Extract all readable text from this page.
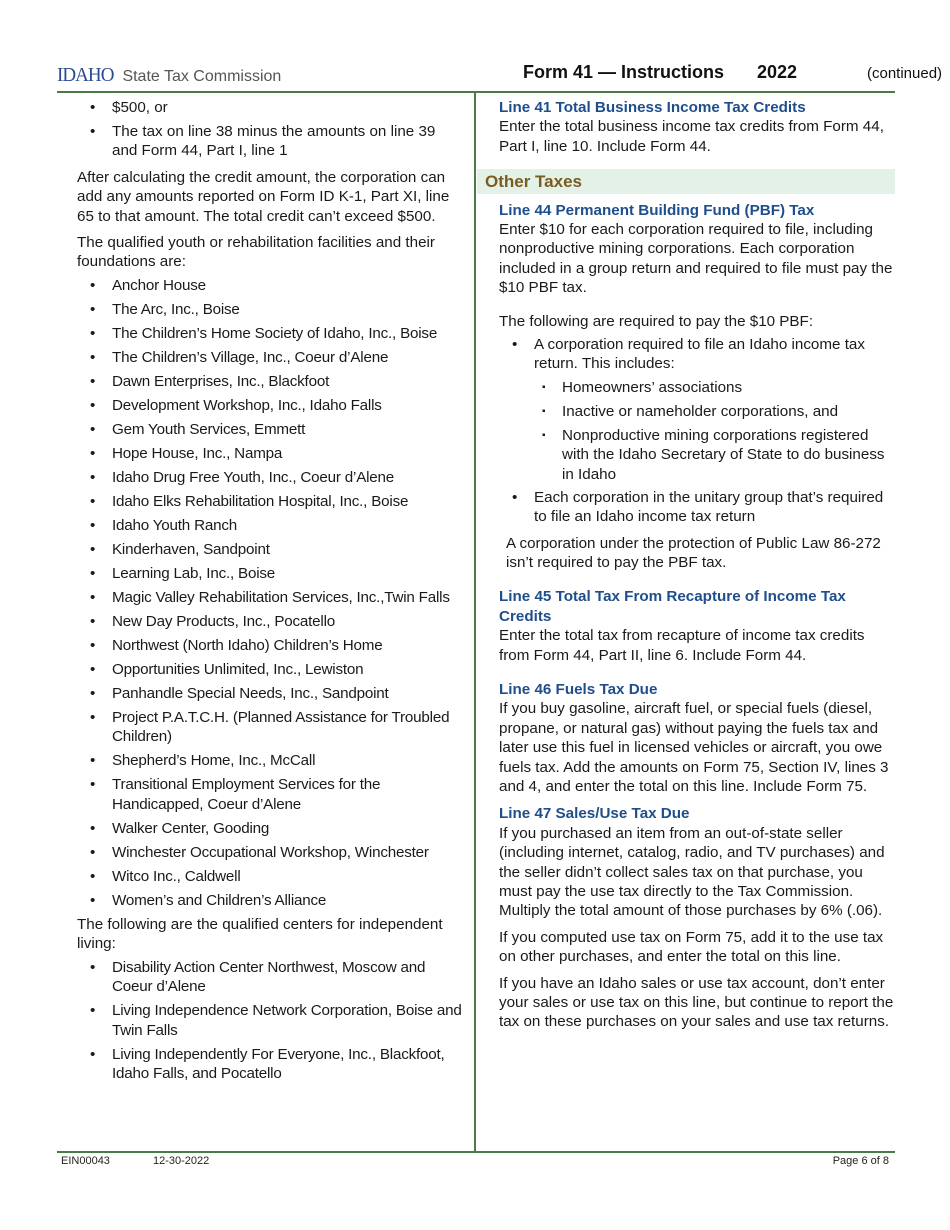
IDAHO State Tax Commission	Form 41 — Instructions 2022	(continued)
• $500, or
• The tax on line 38 minus the amounts on line 39 and Form 44, Part I, line 1

After calculating the credit amount, the corporation can add any amounts reported on Form ID K-1, Part XI, line 65 to that amount. The total credit can’t exceed $500.

The qualified youth or rehabilitation facilities and their foundations are:

• Anchor House
• The Arc, Inc., Boise
• The Children’s Home Society of Idaho, Inc., Boise
• The Children’s Village, Inc., Coeur d’Alene
• Dawn Enterprises, Inc., Blackfoot
• Development Workshop, Inc., Idaho Falls
• Gem Youth Services, Emmett
• Hope House, Inc., Nampa
• Idaho Drug Free Youth, Inc., Coeur d’Alene
• Idaho Elks Rehabilitation Hospital, Inc., Boise
• Idaho Youth Ranch
• Kinderhaven, Sandpoint
• Learning Lab, Inc., Boise
• Magic Valley Rehabilitation Services, Inc.,Twin Falls
• New Day Products, Inc., Pocatello
• Northwest (North Idaho) Children’s Home
• Opportunities Unlimited, Inc., Lewiston
• Panhandle Special Needs, Inc., Sandpoint
• Project P.A.T.C.H. (Planned Assistance for Troubled Children)
• Shepherd’s Home, Inc., McCall
• Transitional Employment Services for the Handicapped, Coeur d’Alene
• Walker Center, Gooding
• Winchester Occupational Workshop, Winchester
• Witco Inc., Caldwell
• Women’s and Children’s Alliance

The following are the qualified centers for independent living:

• Disability Action Center Northwest, Moscow and Coeur d’Alene
• Living Independence Network Corporation, Boise and Twin Falls
• Living Independently For Everyone, Inc., Blackfoot, Idaho Falls, and Pocatello

Line 41 Total Business Income Tax Credits

Enter the total business income tax credits from Form 44, Part I, line 10. Include Form 44.

Other Taxes

Line 44 Permanent Building Fund (PBF) Tax

Enter $10 for each corporation required to file, including nonproductive mining corporations. Each corporation included in a group return and required to file must pay the $10 PBF tax.

The following are required to pay the $10 PBF:

• A corporation required to file an Idaho income tax return. This includes:
▪ Homeowners’ associations
▪ Inactive or nameholder corporations, and
▪ Nonproductive mining corporations registered with the Idaho Secretary of State to do business in Idaho
• Each corporation in the unitary group that’s required to file an Idaho income tax return

A corporation under the protection of Public Law 86-272 isn’t required to pay the PBF tax.

Line 45 Total Tax From Recapture of Income Tax Credits

Enter the total tax from recapture of income tax credits from Form 44, Part II, line 6. Include Form 44.

Line 46 Fuels Tax Due

If you buy gasoline, aircraft fuel, or special fuels (diesel, propane, or natural gas) without paying the fuels tax and later use this fuel in licensed vehicles or aircraft, you owe fuels tax. Add the amounts on Form 75, Section IV, lines 3 and 4, and enter the total on this line. Include Form 75.

Line 47 Sales/Use Tax Due

If you purchased an item from an out-of-state seller (including internet, catalog, radio, and TV purchases) and the seller didn’t collect sales tax on that purchase, you must pay the use tax directly to the Tax Commission. Multiply the total amount of those purchases by 6% (.06).

If you computed use tax on Form 75, add it to the use tax on other purchases, and enter the total on this line.

If you have an Idaho sales or use tax account, don’t enter your sales or use tax on this line, but continue to report the tax on these purchases on your sales and use tax returns.

EIN00043	12-30-2022	Page 6 of 8
